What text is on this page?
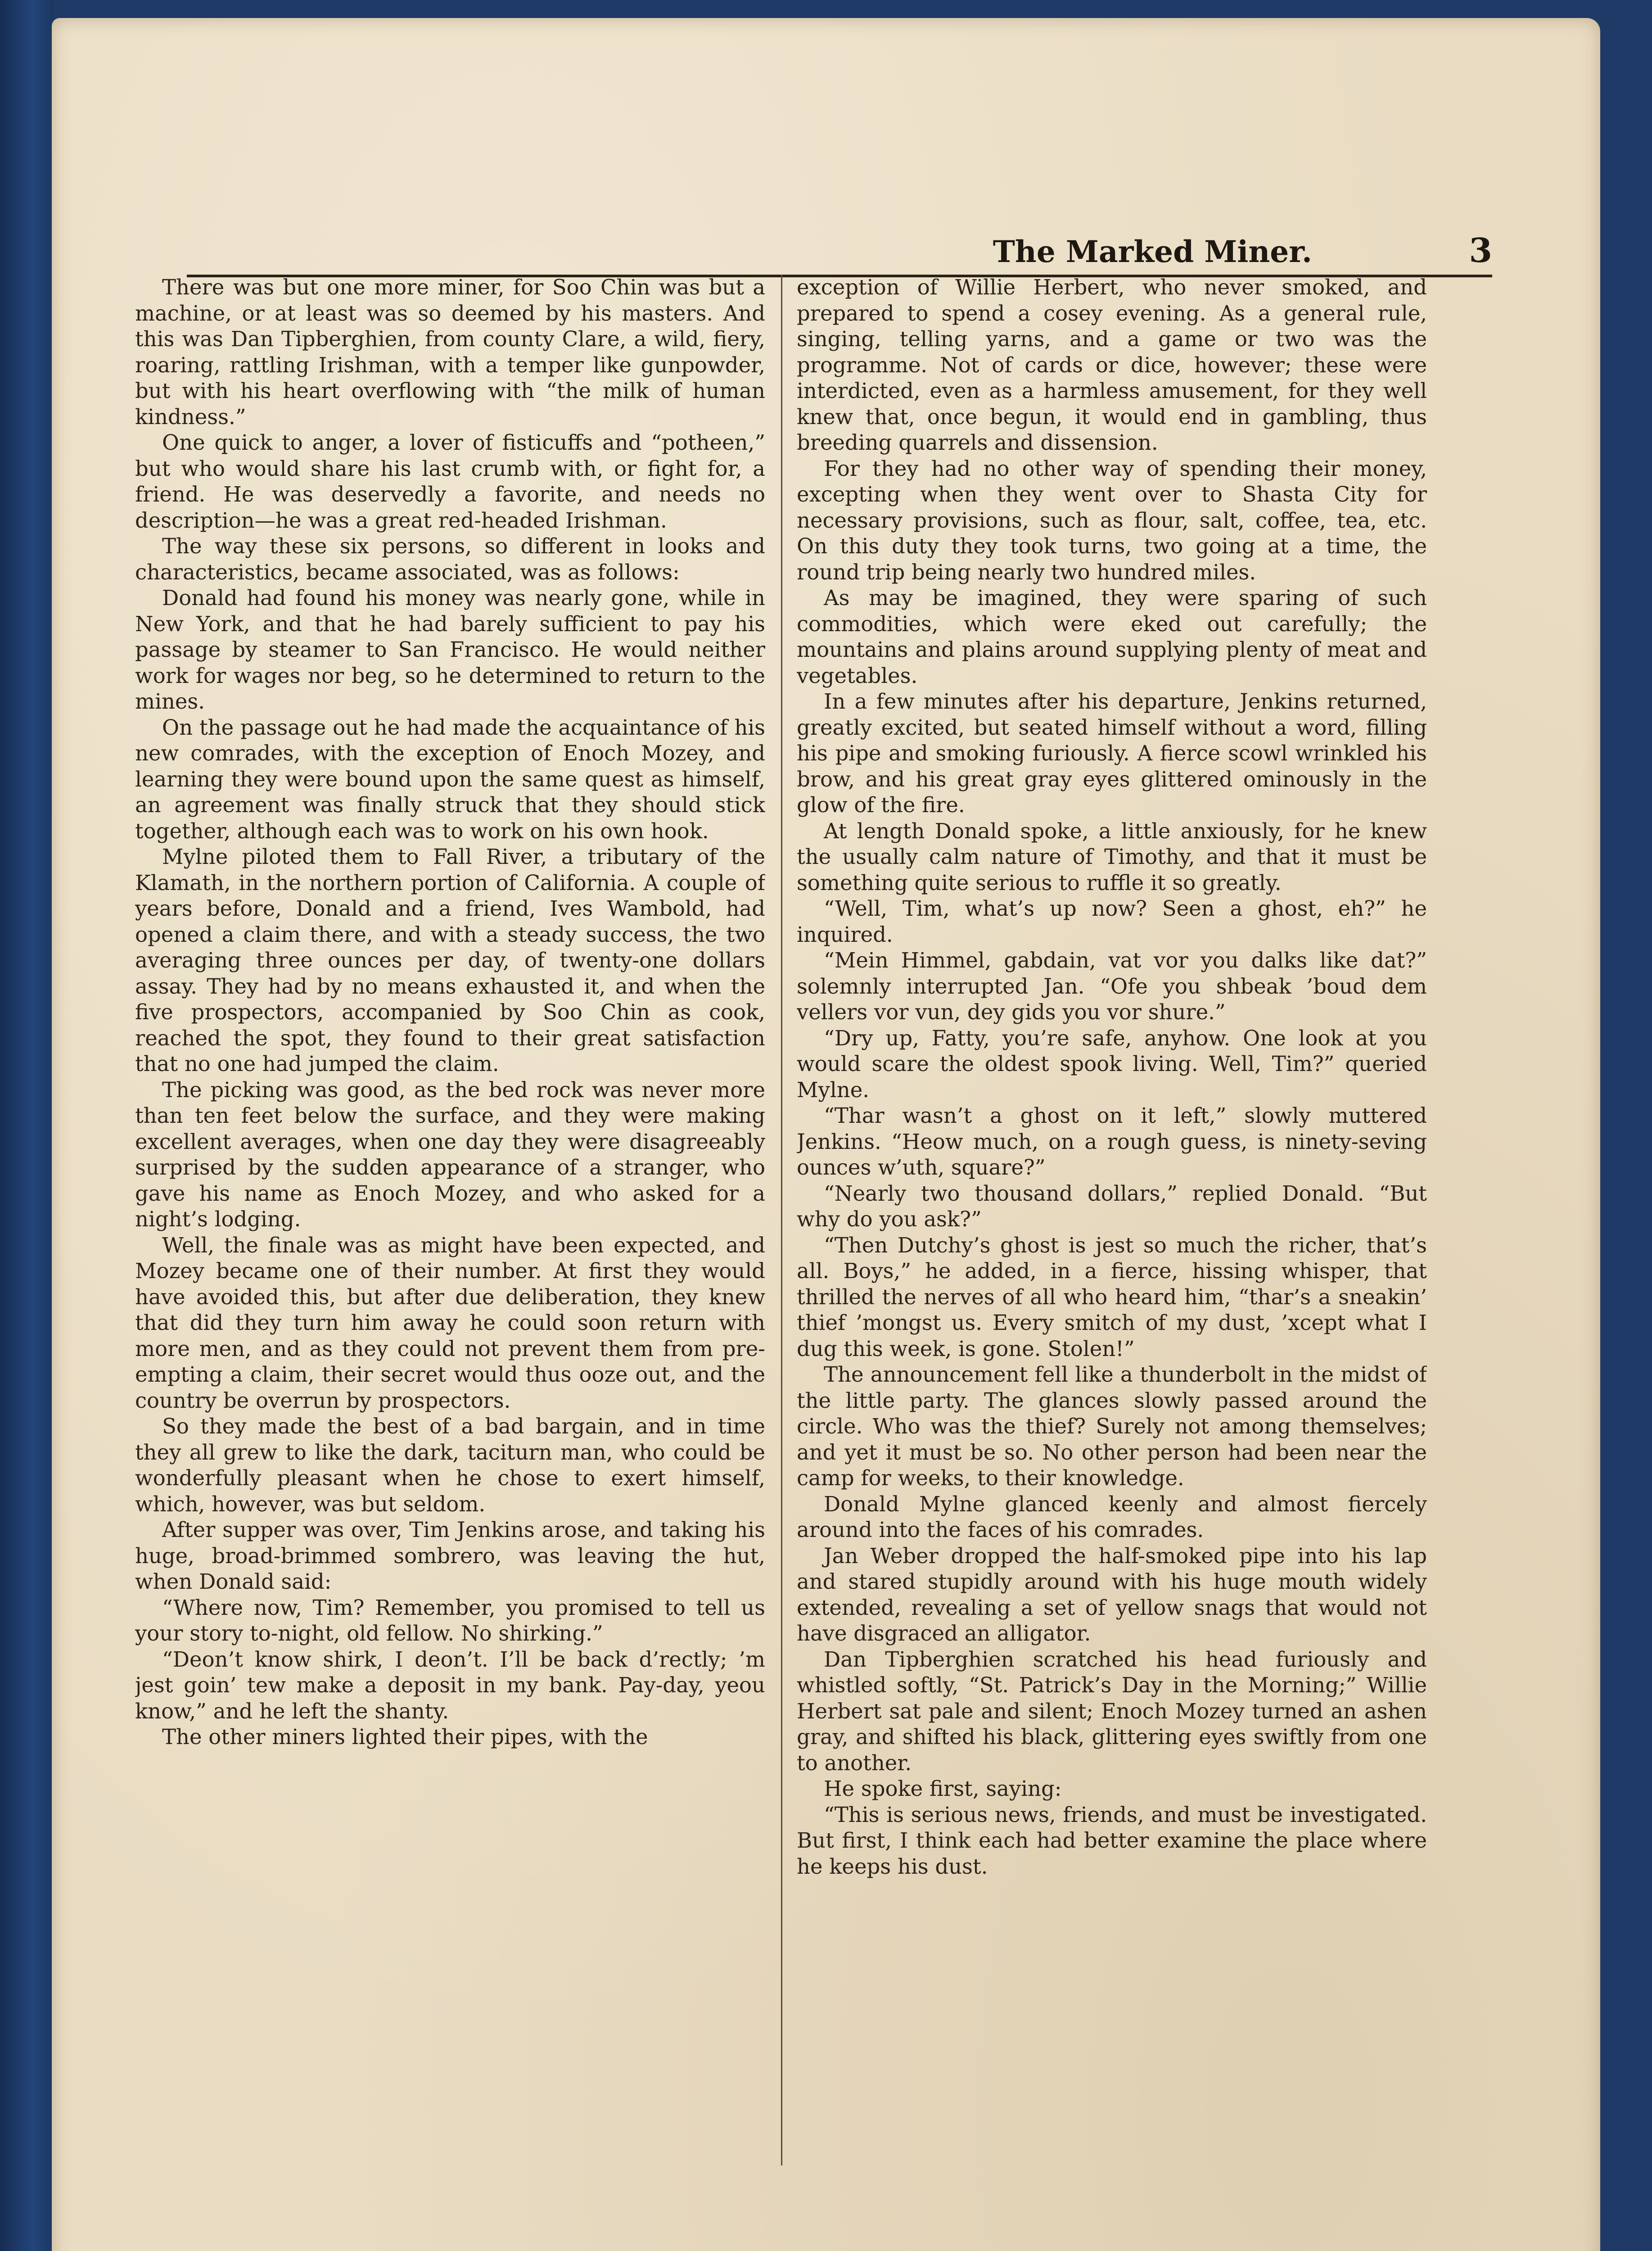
The Marked Miner.	3

There was but one more miner, for Soo Chin was but a machine, or at least was so deemed by his masters. And this was Dan Tipberghien, from county Clare, a wild, fiery, roaring, rattling Irishman, with a temper like gunpowder, but with his heart overflowing with “the milk of human kindness.”

One quick to anger, a lover of fisticuffs and “potheen,” but who would share his last crumb with, or fight for, a friend. He was deservedly a favorite, and needs no description—he was a great red-headed Irishman.

The way these six persons, so different in looks and characteristics, became associated, was as follows:

Donald had found his money was nearly gone, while in New York, and that he had barely sufficient to pay his passage by steamer to San Francisco. He would neither work for wages nor beg, so he determined to return to the mines.

On the passage out he had made the acquaintance of his new comrades, with the exception of Enoch Mozey, and learning they were bound upon the same quest as himself, an agreement was finally struck that they should stick together, although each was to work on his own hook.

Mylne piloted them to Fall River, a tributary of the Klamath, in the northern portion of California. A couple of years before, Donald and a friend, Ives Wambold, had opened a claim there, and with a steady success, the two averaging three ounces per day, of twenty-one dollars assay. They had by no means exhausted it, and when the five prospectors, accompanied by Soo Chin as cook, reached the spot, they found to their great satisfaction that no one had jumped the claim.

The picking was good, as the bed rock was never more than ten feet below the surface, and they were making excellent averages, when one day they were disagreeably surprised by the sudden appearance of a stranger, who gave his name as Enoch Mozey, and who asked for a night’s lodging.

Well, the finale was as might have been expected, and Mozey became one of their number. At first they would have avoided this, but after due deliberation, they knew that did they turn him away he could soon return with more men, and as they could not prevent them from pre-empting a claim, their secret would thus ooze out, and the country be overrun by prospectors.

So they made the best of a bad bargain, and in time they all grew to like the dark, taciturn man, who could be wonderfully pleasant when he chose to exert himself, which, however, was but seldom.

After supper was over, Tim Jenkins arose, and taking his huge, broad-brimmed sombrero, was leaving the hut, when Donald said:

“Where now, Tim? Remember, you promised to tell us your story to-night, old fellow. No shirking.”

“Deon’t know shirk, I deon’t. I’ll be back d’rectly; ’m jest goin’ tew make a deposit in my bank. Pay-day, yeou know,” and he left the shanty.

The other miners lighted their pipes, with the

exception of Willie Herbert, who never smoked, and prepared to spend a cosey evening. As a general rule, singing, telling yarns, and a game or two was the programme. Not of cards or dice, however; these were interdicted, even as a harmless amusement, for they well knew that, once begun, it would end in gambling, thus breeding quarrels and dissension.

For they had no other way of spending their money, excepting when they went over to Shasta City for necessary provisions, such as flour, salt, coffee, tea, etc. On this duty they took turns, two going at a time, the round trip being nearly two hundred miles.

As may be imagined, they were sparing of such commodities, which were eked out carefully; the mountains and plains around supplying plenty of meat and vegetables.

In a few minutes after his departure, Jenkins returned, greatly excited, but seated himself without a word, filling his pipe and smoking furiously. A fierce scowl wrinkled his brow, and his great gray eyes glittered ominously in the glow of the fire.

At length Donald spoke, a little anxiously, for he knew the usually calm nature of Timothy, and that it must be something quite serious to ruffle it so greatly.

“Well, Tim, what’s up now? Seen a ghost, eh?” he inquired.

“Mein Himmel, gabdain, vat vor you dalks like dat?” solemnly interrupted Jan. “Ofe you shbeak ’boud dem vellers vor vun, dey gids you vor shure.”

“Dry up, Fatty, you’re safe, anyhow. One look at you would scare the oldest spook living. Well, Tim?” queried Mylne.

“Thar wasn’t a ghost on it left,” slowly muttered Jenkins. “Heow much, on a rough guess, is ninety-seving ounces w’uth, square?”

“Nearly two thousand dollars,” replied Donald. “But why do you ask?”

“Then Dutchy’s ghost is jest so much the richer, that’s all. Boys,” he added, in a fierce, hissing whisper, that thrilled the nerves of all who heard him, “thar’s a sneakin’ thief ’mongst us. Every smitch of my dust, ’xcept what I dug this week, is gone. Stolen!”

The announcement fell like a thunderbolt in the midst of the little party. The glances slowly passed around the circle. Who was the thief? Surely not among themselves; and yet it must be so. No other person had been near the camp for weeks, to their knowledge.

Donald Mylne glanced keenly and almost fiercely around into the faces of his comrades.

Jan Weber dropped the half-smoked pipe into his lap and stared stupidly around with his huge mouth widely extended, revealing a set of yellow snags that would not have disgraced an alligator.

Dan Tipberghien scratched his head furiously and whistled softly, “St. Patrick’s Day in the Morning;” Willie Herbert sat pale and silent; Enoch Mozey turned an ashen gray, and shifted his black, glittering eyes swiftly from one to another.

He spoke first, saying:

“This is serious news, friends, and must be investigated. But first, I think each had better examine the place where he keeps his dust.
